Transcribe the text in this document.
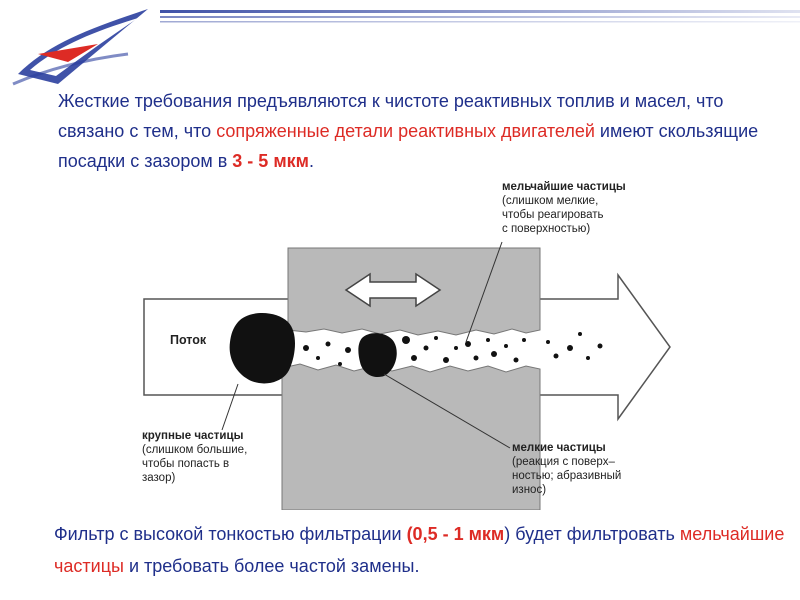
Жесткие требования предъявляются к чистоте реактивных топлив и масел, что связано с тем, что сопряженные детали реактивных двигателей имеют скользящие посадки с зазором в 3 - 5 мкм.

Поток
мельчайшие частицы
(слишком мелкие,
чтобы реагировать
с поверхностью)
крупные частицы
(слишком большие,
чтобы попасть в
зазор)
мелкие частицы
(реакция с поверх–
ностью; абразивный
износ)

Фильтр с высокой тонкостью фильтрации (0,5 - 1 мкм) будет фильтровать мельчайшие частицы и требовать более частой замены.
